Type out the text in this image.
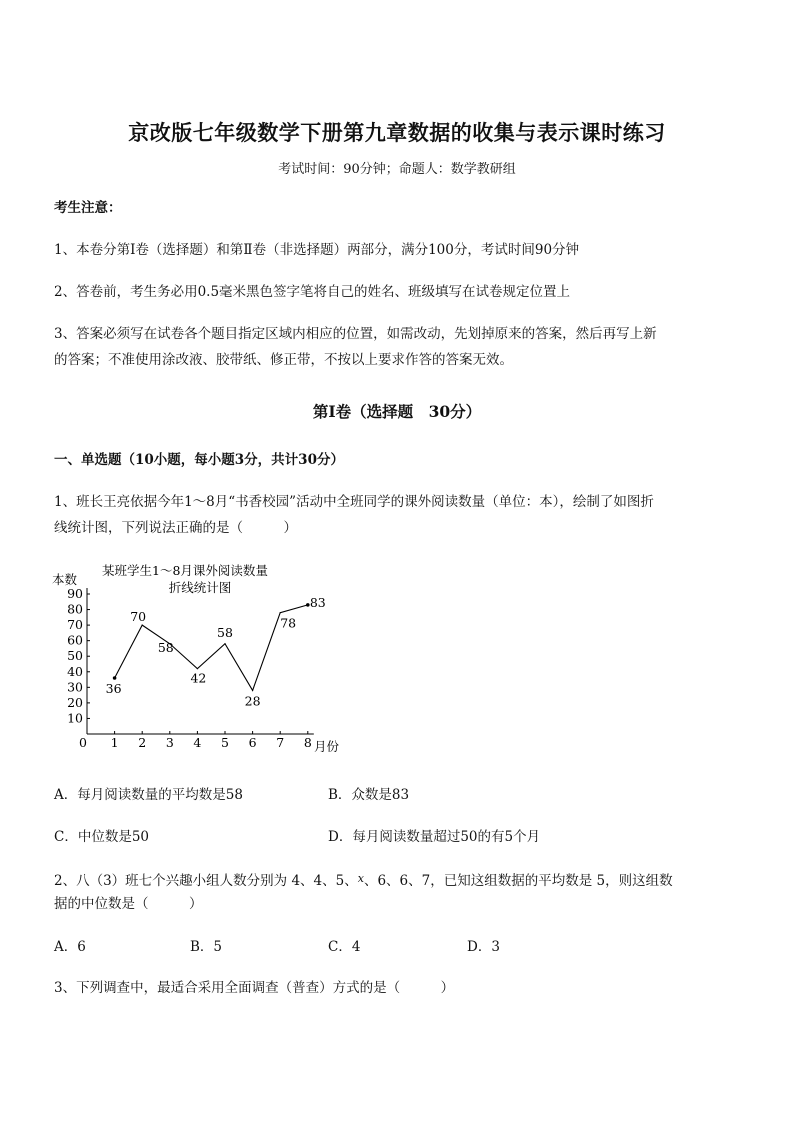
京改版七年级数学下册第九章数据的收集与表示课时练习
考试时间：90分钟；命题人：数学教研组
考生注意：
1、本卷分第Ⅰ卷（选择题）和第Ⅱ卷（非选择题）两部分，满分100分，考试时间90分钟
2、答卷前，考生务必用0.5毫米黑色签字笔将自己的姓名、班级填写在试卷规定位置上
3、答案必须写在试卷各个题目指定区域内相应的位置，如需改动，先划掉原来的答案，然后再写上新
的答案；不准使用涂改液、胶带纸、修正带，不按以上要求作答的答案无效。
第Ⅰ卷（选择题　30分）
一、单选题（10小题，每小题3分，共计30分）
1、班长王亮依据今年1～8月“书香校园”活动中全班同学的课外阅读数量（单位：本），绘制了如图折
线统计图，下列说法正确的是（　　　）
某班学生1～8月课外阅读数量
折线统计图
本数
月份
10
20
30
40
50
60
70
80
90
0 1 2 3 4 5 6 7 8
36
70
58
42
58
28
78
83
A．每月阅读数量的平均数是58	B．众数是83
C．中位数是50	D．每月阅读数量超过50的有5个月
2、八（3）班七个兴趣小组人数分别为 4、4、5、$^x$、6、6、7，已知这组数据的平均数是 5，则这组数
据的中位数是（　　　）
A．6	B．5	C．4	D．3
3、下列调查中，最适合采用全面调查（普查）方式的是（　　　）
